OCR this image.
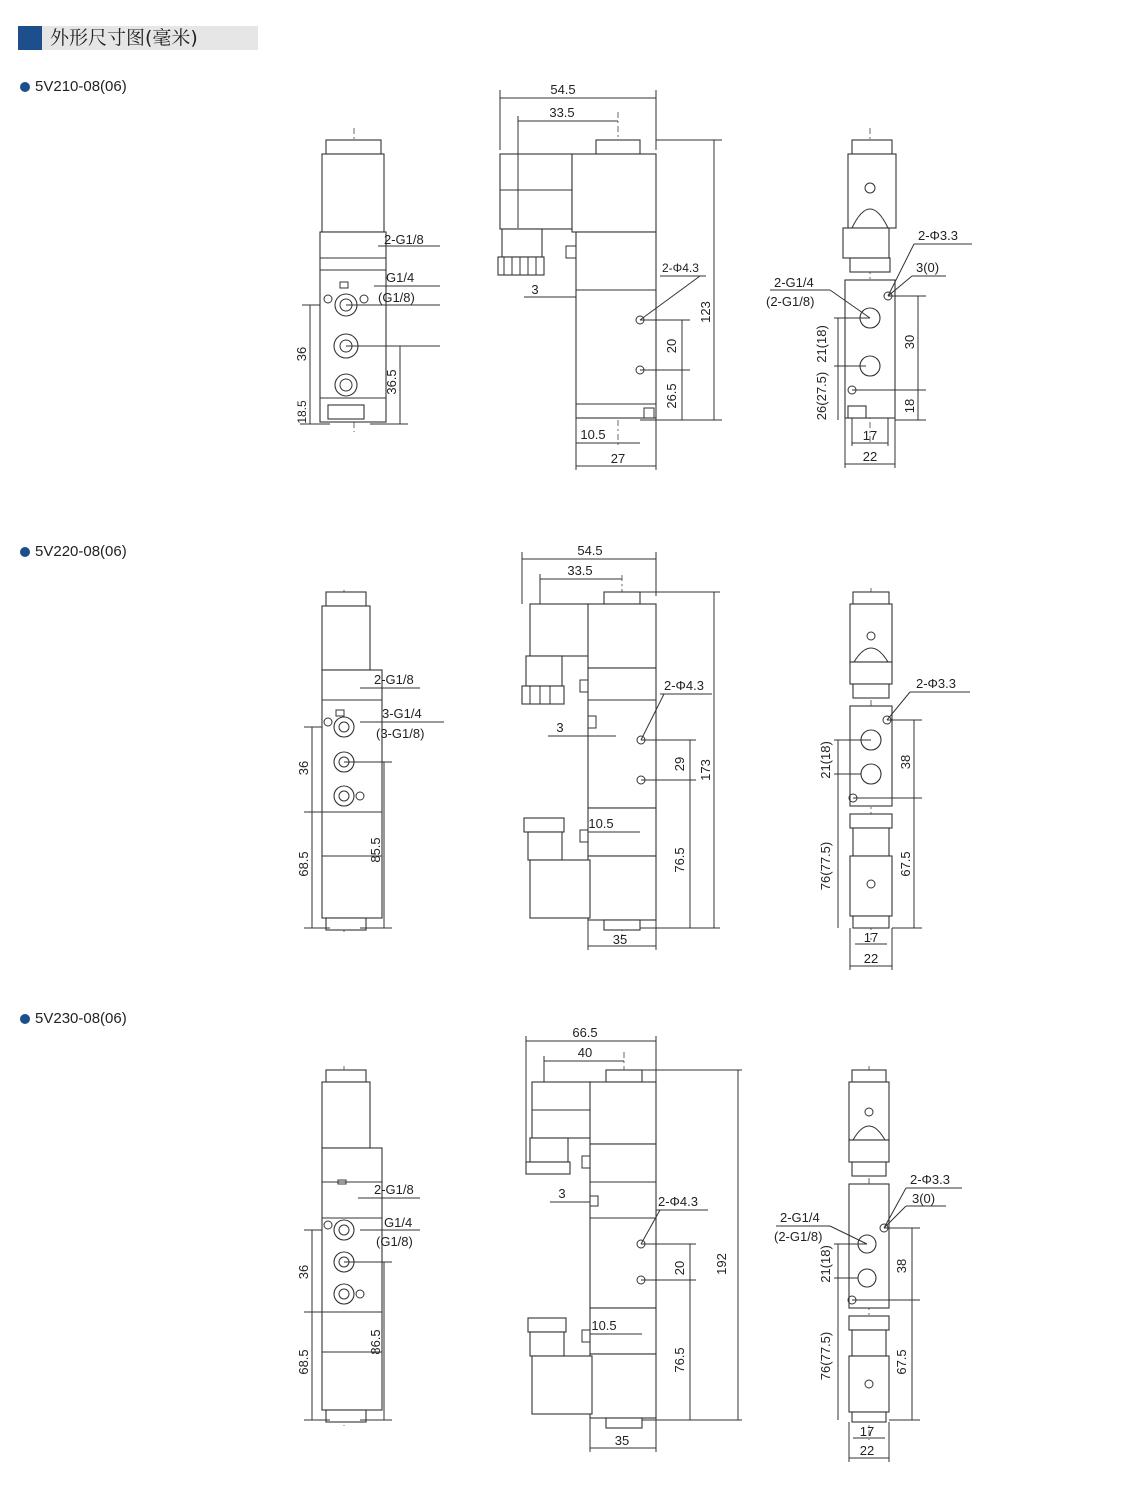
外形尺寸图(毫米)
5V210-08(06)
5V220-08(06)
5V230-08(06)
2-G1/8
G1/4
(G1/8)
36
18.5
36.5
54.5
33.5
3
2-Φ4.3
123
20
26.5
10.5
27
2-Φ3.3
3(0)
2-G1/4
(2-G1/8)
21(18)
26(27.5)
30
18
17
22
2-G1/8
3-G1/4
(3-G1/8)
36
68.5
85.5
54.5
33.5
3
2-Φ4.3
173
29
76.5
10.5
35
2-Φ3.3
21(18)
76(77.5)
38
67.5
17
22
2-G1/8
G1/4
(G1/8)
36
68.5
86.5
66.5
40
3
2-Φ4.3
192
20
76.5
10.5
35
2-Φ3.3
3(0)
2-G1/4
(2-G1/8)
21(18)
76(77.5)
38
67.5
17
22
